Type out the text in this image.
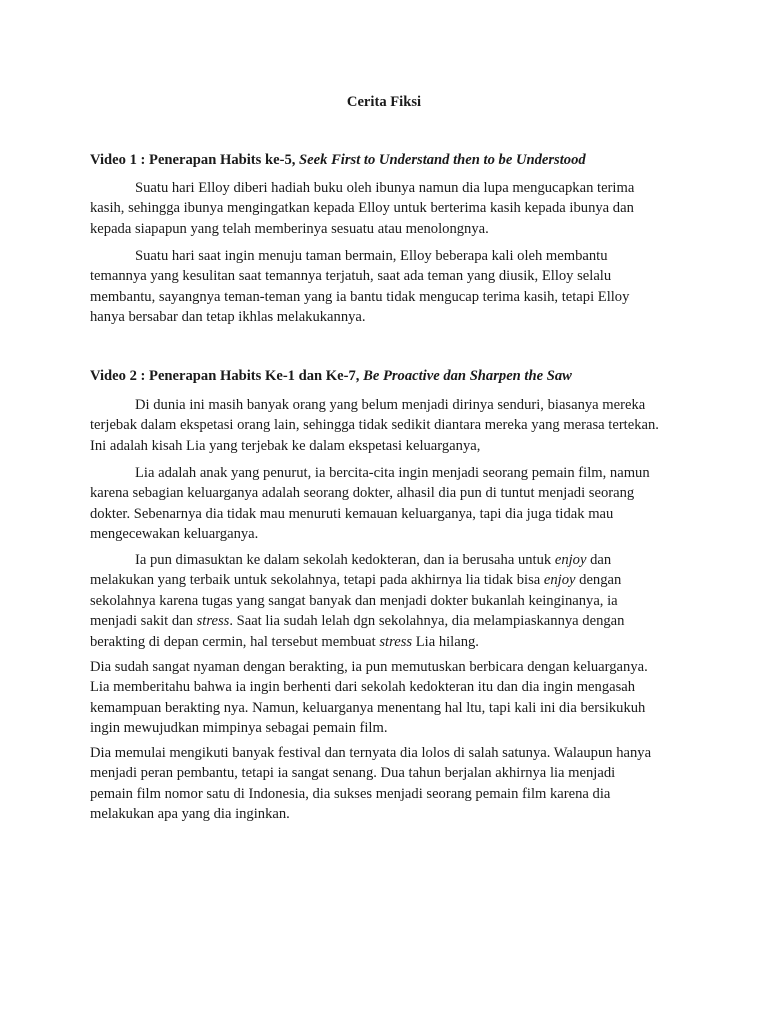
Cerita Fiksi
Video 1 : Penerapan Habits ke-5, Seek First to Understand then to be Understood
Suatu hari Elloy diberi hadiah buku oleh ibunya namun dia lupa mengucapkan terima
kasih, sehingga ibunya mengingatkan kepada Elloy untuk berterima kasih kepada ibunya dan
kepada siapapun yang telah memberinya sesuatu atau menolongnya.
Suatu hari saat ingin menuju taman bermain, Elloy beberapa kali oleh membantu
temannya yang kesulitan saat temannya terjatuh, saat ada teman yang diusik, Elloy selalu
membantu, sayangnya teman-teman yang ia bantu tidak mengucap terima kasih, tetapi Elloy
hanya bersabar dan tetap ikhlas melakukannya.
Video 2 : Penerapan Habits Ke-1 dan Ke-7, Be Proactive dan Sharpen the Saw
Di dunia ini masih banyak orang yang belum menjadi dirinya senduri, biasanya mereka
terjebak dalam ekspetasi orang lain, sehingga tidak sedikit diantara mereka yang merasa tertekan.
Ini adalah kisah Lia yang terjebak ke dalam ekspetasi keluarganya,
Lia adalah anak yang penurut, ia bercita-cita ingin menjadi seorang pemain film, namun
karena sebagian keluarganya adalah seorang dokter, alhasil dia pun di tuntut menjadi seorang
dokter. Sebenarnya dia tidak mau menuruti kemauan keluarganya, tapi dia juga tidak mau
mengecewakan keluarganya.
Ia pun dimasuktan ke dalam sekolah kedokteran, dan ia berusaha untuk enjoy dan
melakukan yang terbaik untuk sekolahnya, tetapi pada akhirnya lia tidak bisa enjoy dengan
sekolahnya karena tugas yang sangat banyak dan menjadi dokter bukanlah keinginanya, ia
menjadi sakit dan stress. Saat lia sudah lelah dgn sekolahnya, dia melampiaskannya dengan
berakting di depan cermin, hal tersebut membuat stress Lia hilang.
Dia sudah sangat nyaman dengan berakting, ia pun memutuskan berbicara dengan keluarganya.
Lia memberitahu bahwa ia ingin berhenti dari sekolah kedokteran itu dan dia ingin mengasah
kemampuan berakting nya. Namun, keluarganya menentang hal ltu, tapi kali ini dia bersikukuh
ingin mewujudkan mimpinya sebagai pemain film.
Dia memulai mengikuti banyak festival dan ternyata dia lolos di salah satunya. Walaupun hanya
menjadi peran pembantu, tetapi ia sangat senang. Dua tahun berjalan akhirnya lia menjadi
pemain film nomor satu di Indonesia, dia sukses menjadi seorang pemain film karena dia
melakukan apa yang dia inginkan.
